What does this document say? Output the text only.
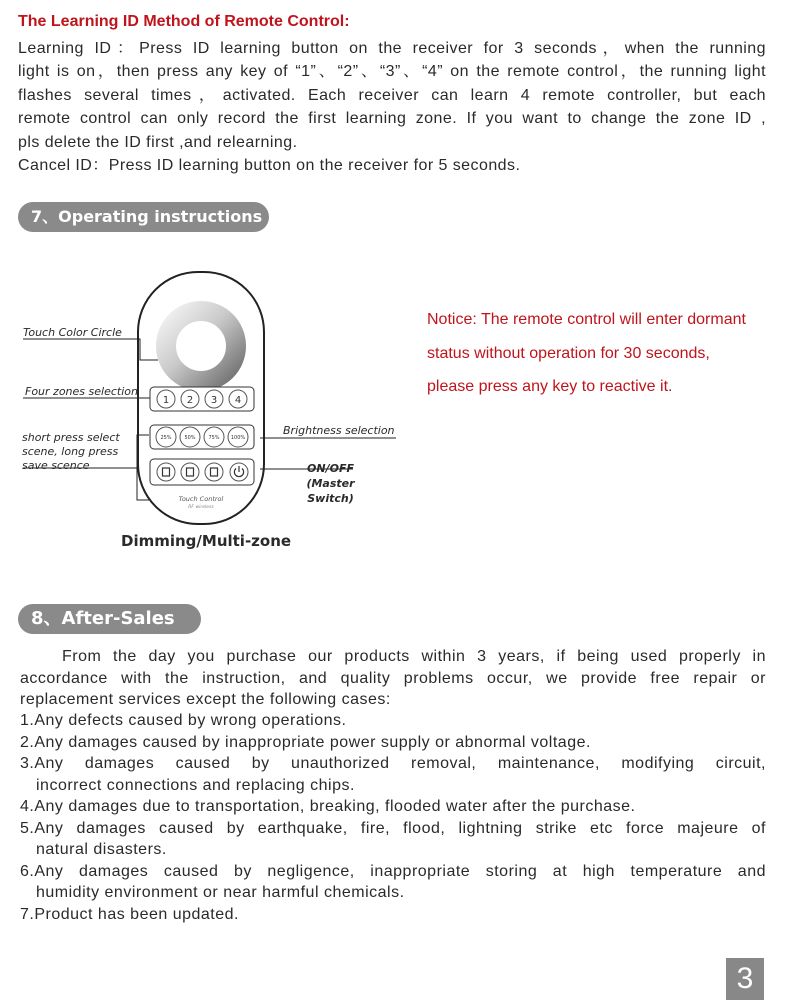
The Learning ID Method of Remote Control:
Learning ID：Press ID learning button on the receiver for 3 seconds，when the running
light is on，then press any key of “1”、“2”、“3”、“4” on the remote control，the running light
flashes several times，activated. Each receiver can learn 4 remote controller, but each
remote control can only record the first learning zone. If you want to change the zone ID ,
pls delete the ID first ,and relearning.
Cancel ID：Press ID learning button on the receiver for 5 seconds.
7、Operating instructions
1 2 3 4
25%	50%	75% 100%
Touch Control
RF wireless
Touch Color Circle
Four zones selection
short press select
scene, long press
save scence
Brightness selection
ON/OFF
(Master Switch)
Dimming/Multi-zone
Notice: The remote control will enter dormant
status without operation for 30 seconds,
please press any key to reactive it.
8、After-Sales
From the day you purchase our products within 3 years, if being used properly in
accordance with the instruction, and quality problems occur, we provide free repair or
replacement services except the following cases:
1.Any defects caused by wrong operations.
2.Any damages caused by inappropriate power supply or abnormal voltage.
3.Any damages caused by unauthorized removal, maintenance, modifying circuit,
incorrect connections and replacing chips.
4.Any damages due to transportation, breaking, flooded water after the purchase.
5.Any damages caused by earthquake, fire, flood, lightning strike etc force majeure of
natural disasters.
6.Any damages caused by negligence, inappropriate storing at high temperature and
humidity environment or near harmful chemicals.
7.Product has been updated.
3
